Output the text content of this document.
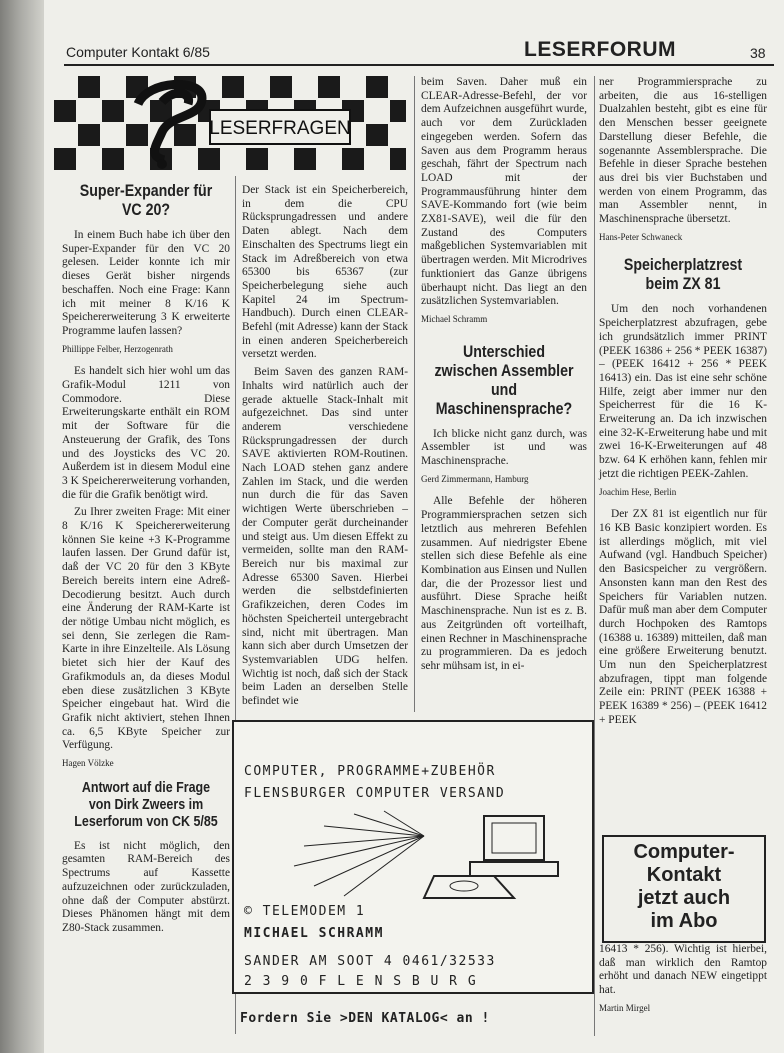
Computer Kontakt 6/85	LESERFORUM	38
LESERFRAGEN
Super-Expander für VC 20?

In einem Buch habe ich über den Super-Expander für den VC 20 gelesen. Leider konnte ich mir dieses Gerät bisher nirgends beschaffen. Noch eine Frage: Kann ich mit meiner 8 K/16 K Speichererweiterung 3 K erweiterte Programme laufen lassen?

Phillippe Felber, Herzogenrath

Es handelt sich hier wohl um das Grafik-Modul 1211 von Commodore. Diese Erweiterungskarte enthält ein ROM mit der Software für die Ansteuerung der Grafik, des Tons und des Joysticks des VC 20. Außerdem ist in diesem Modul eine 3 K Speichererweiterung vorhanden, die für die Grafik benötigt wird.

Zu Ihrer zweiten Frage: Mit einer 8 K/16 K Speichererweiterung können Sie keine +3 K-Programme laufen lassen. Der Grund dafür ist, daß der VC 20 für den 3 KByte Bereich bereits intern eine Adreß-Decodierung besitzt. Auch durch eine Änderung der RAM-Karte ist der nötige Umbau nicht möglich, es sei denn, Sie zerlegen die Ram-Karte in ihre Einzelteile. Als Lösung bietet sich hier der Kauf des Grafikmoduls an, da dieses Modul eben diese zusätzlichen 3 KByte Speicher eingebaut hat. Wird die Grafik nicht aktiviert, stehen Ihnen ca. 6,5 KByte Speicher zur Verfügung.

Hagen Völzke

Antwort auf die Frage von Dirk Zweers im Leserforum von CK 5/85

Es ist nicht möglich, den gesamten RAM-Bereich des Spectrums auf Kassette aufzuzeichnen oder zurückzuladen, ohne daß der Computer abstürzt. Dieses Phänomen hängt mit dem Z80-Stack zusammen.

Der Stack ist ein Speicherbereich, in dem die CPU Rücksprungadressen und andere Daten ablegt. Nach dem Einschalten des Spectrums liegt ein Stack im Adreßbereich von etwa 65300 bis 65367 (zur Speicherbelegung siehe auch Kapitel 24 im Spectrum-Handbuch). Durch einen CLEAR-Befehl (mit Adresse) kann der Stack in einen anderen Speicherbereich versetzt werden.

Beim Saven des ganzen RAM-Inhalts wird natürlich auch der gerade aktuelle Stack-Inhalt mit aufgezeichnet. Das sind unter anderem verschiedene Rücksprungadressen der durch SAVE aktivierten ROM-Routinen. Nach LOAD stehen ganz andere Zahlen im Stack, und die werden nun durch die für das Saven wichtigen Werte überschrieben – der Computer gerät durcheinander und steigt aus. Um diesen Effekt zu vermeiden, sollte man den RAM-Bereich nur bis maximal zur Adresse 65300 Saven. Hierbei werden die selbstdefinierten Grafikzeichen, deren Codes im höchsten Speicherteil untergebracht sind, nicht mit übertragen. Man kann sich aber durch Umsetzen der Systemvariablen UDG helfen. Wichtig ist noch, daß sich der Stack beim Laden an derselben Stelle befindet wie

beim Saven. Daher muß ein CLEAR-Adresse-Befehl, der vor dem Aufzeichnen ausgeführt wurde, auch vor dem Zurückladen eingegeben werden. Sofern das Saven aus dem Programm heraus geschah, fährt der Spectrum nach LOAD mit der Programmausführung hinter dem SAVE-Kommando fort (wie beim ZX81-SAVE), weil die für den Zustand des Computers maßgeblichen Systemvariablen mit übertragen werden. Mit Microdrives funktioniert das Ganze übrigens überhaupt nicht. Das liegt an den zusätzlichen Systemvariablen.

Michael Schramm

Unterschied zwischen Assembler und Maschinensprache?

Ich blicke nicht ganz durch, was Assembler ist und was Maschinensprache.

Gerd Zimmermann, Hamburg

Alle Befehle der höheren Programmiersprachen setzen sich letztlich aus mehreren Befehlen zusammen. Auf niedrigster Ebene stellen sich diese Befehle als eine Kombination aus Einsen und Nullen dar, die der Prozessor liest und ausführt. Diese Sprache heißt Maschinensprache. Nun ist es z. B. aus Zeitgründen oft vorteilhaft, einen Rechner in Maschinensprache zu programmieren. Da es jedoch sehr mühsam ist, in ei-

ner Programmiersprache zu arbeiten, die aus 16-stelligen Dualzahlen besteht, gibt es eine für den Menschen besser geeignete Darstellung dieser Befehle, die sogenannte Assemblersprache. Die Befehle in dieser Sprache bestehen aus drei bis vier Buchstaben und werden von einem Programm, das man Assembler nennt, in Maschinensprache übersetzt.

Hans-Peter Schwaneck

Speicherplatzrest beim ZX 81

Um den noch vorhandenen Speicherplatzrest abzufragen, gebe ich grundsätzlich immer PRINT (PEEK 16386 + 256 * PEEK 16387) – (PEEK 16412 + 256 * PEEK 16413) ein. Das ist eine sehr schöne Hilfe, zeigt aber immer nur den Speicherrest für die 16 K-Erweiterung an. Da ich inzwischen eine 32-K-Erweiterung habe und mit zwei 16-K-Erweiterungen auf 48 bzw. 64 K erhöhen kann, fehlen mir jetzt die richtigen PEEK-Zahlen.

Joachim Hese, Berlin

Der ZX 81 ist eigentlich nur für 16 KB Basic konzipiert worden. Es ist allerdings möglich, mit viel Aufwand (vgl. Handbuch Speicher) den Basicspeicher zu vergrößern. Ansonsten kann man den Rest des Speichers für Variablen nutzen. Dafür muß man aber dem Computer durch Hochpoken des Ramtops (16388 u. 16389) mitteilen, daß man eine größere Erweiterung benutzt. Um nun den Speicherplatzrest abzufragen, tippt man folgende Zeile ein: PRINT (PEEK 16388 + PEEK 16389 * 256) – (PEEK 16412 + PEEK

16413 * 256). Wichtig ist hierbei, daß man wirklich den Ramtop erhöht und danach NEW eingetippt hat.

Martin Mirgel

Computer-
Kontakt
jetzt auch
im Abo
COMPUTER, PROGRAMME+ZUBEHÖR
FLENSBURGER COMPUTER VERSAND
© TELEMODEM 1
MICHAEL SCHRAMM
SANDER AM SOOT 4 0461/32533
2 3 9 0 F L E N S B U R G
Fordern Sie >DEN KATALOG< an !
